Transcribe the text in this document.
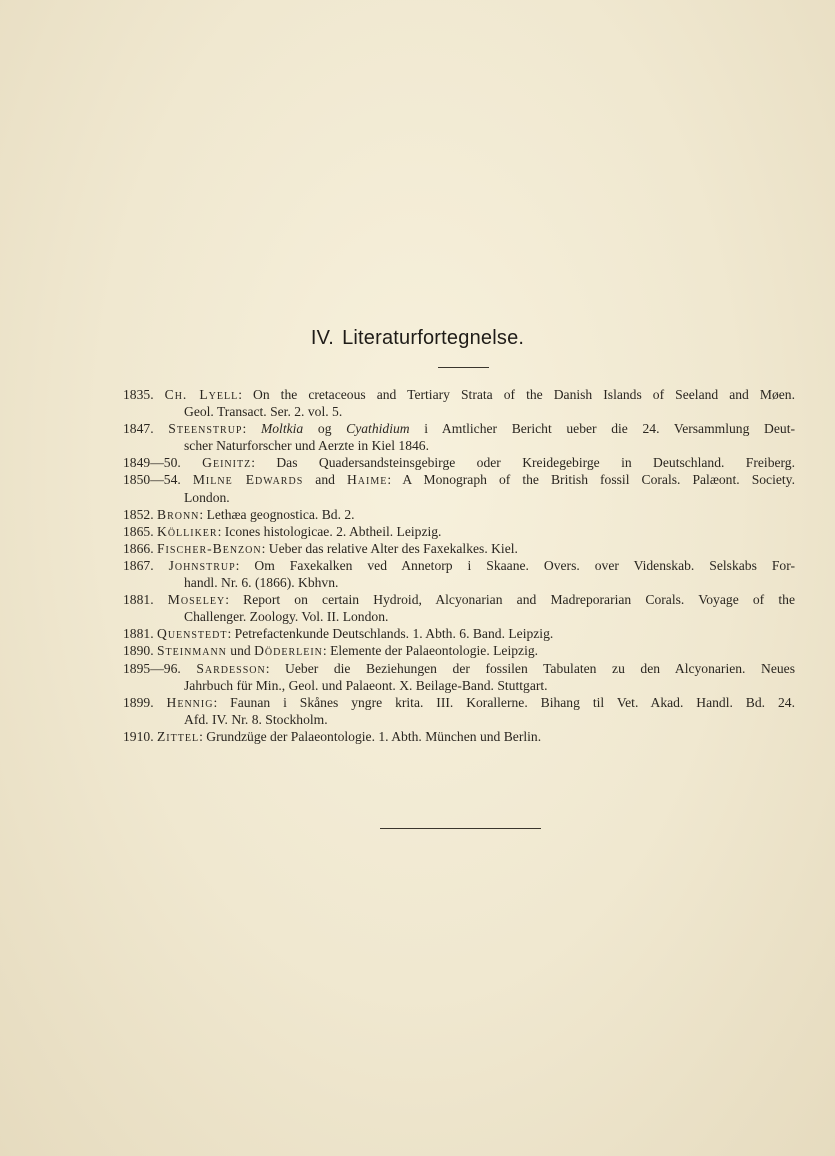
IV. Literaturfortegnelse.
1835. Ch. Lyell: On the cretaceous and Tertiary Strata of the Danish Islands of Seeland and Møen.
Geol. Transact. Ser. 2. vol. 5.
1847. Steenstrup: Moltkia og Cyathidium i Amtlicher Bericht ueber die 24. Versammlung Deut-
scher Naturforscher und Aerzte in Kiel 1846.
1849—50. Geinitz: Das Quadersandsteinsgebirge oder Kreidegebirge in Deutschland. Freiberg.
1850—54. Milne Edwards and Haime: A Monograph of the British fossil Corals. Palæont. Society.
London.
1852. Bronn: Lethæa geognostica. Bd. 2.
1865. Kölliker: Icones histologicae. 2. Abtheil. Leipzig.
1866. Fischer-Benzon: Ueber das relative Alter des Faxekalkes. Kiel.
1867. Johnstrup: Om Faxekalken ved Annetorp i Skaane. Overs. over Videnskab. Selskabs For-
handl. Nr. 6. (1866). Kbhvn.
1881. Moseley: Report on certain Hydroid, Alcyonarian and Madreporarian Corals. Voyage of the
Challenger. Zoology. Vol. II. London.
1881. Quenstedt: Petrefactenkunde Deutschlands. 1. Abth. 6. Band. Leipzig.
1890. Steinmann und Döderlein: Elemente der Palaeontologie. Leipzig.
1895—96. Sardesson: Ueber die Beziehungen der fossilen Tabulaten zu den Alcyonarien. Neues
Jahrbuch für Min., Geol. und Palaeont. X. Beilage-Band. Stuttgart.
1899. Hennig: Faunan i Skånes yngre krita. III. Korallerne. Bihang til Vet. Akad. Handl. Bd. 24.
Afd. IV. Nr. 8. Stockholm.
1910. Zittel: Grundzüge der Palaeontologie. 1. Abth. München und Berlin.
